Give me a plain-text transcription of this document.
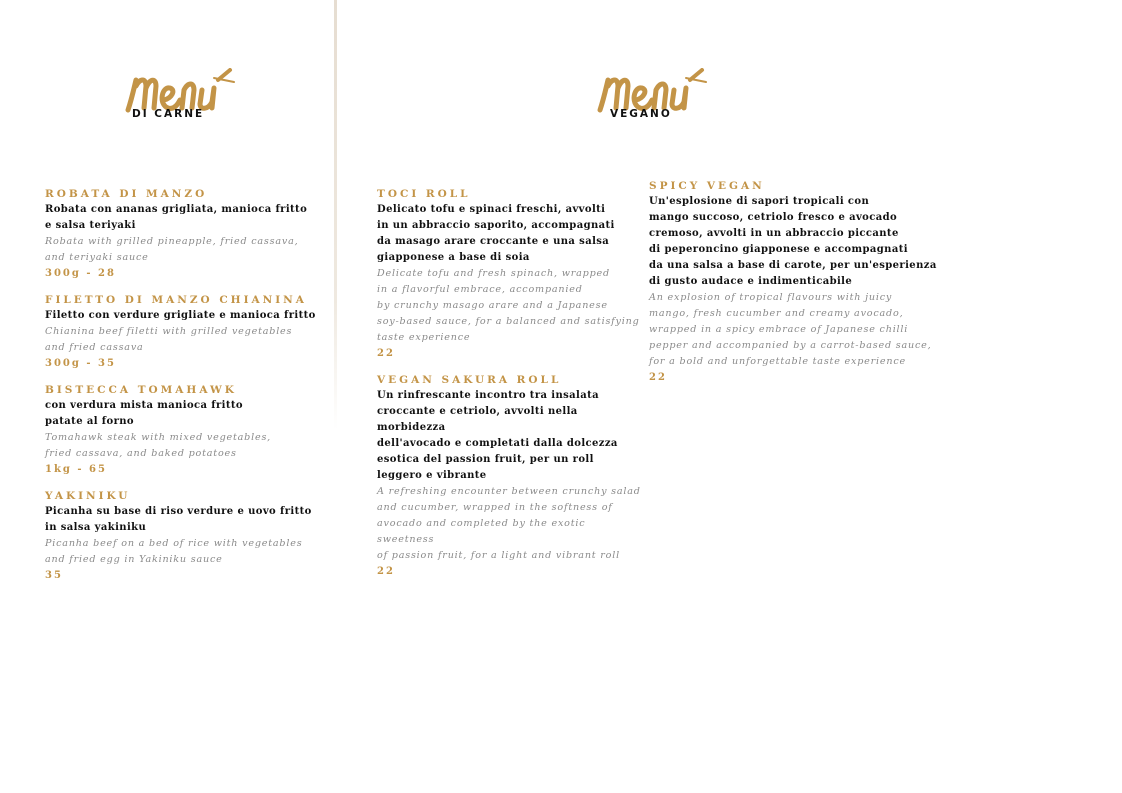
DI CARNE	VEGANO
ROBATA DI MANZO
Robata con ananas grigliata, manioca fritto
e salsa teriyaki
Robata with grilled pineapple, fried cassava,
and teriyaki sauce
300g - 28
FILETTO DI MANZO CHIANINA
Filetto con verdure grigliate e manioca fritto
Chianina beef filetti with grilled vegetables
and fried cassava
300g - 35
BISTECCA TOMAHAWK
con verdura mista manioca fritto
patate al forno
Tomahawk steak with mixed vegetables,
fried cassava, and baked potatoes
1kg - 65
YAKINIKU
Picanha su base di riso verdure e uovo fritto
in salsa yakiniku
Picanha beef on a bed of rice with vegetables
and fried egg in Yakiniku sauce
35
TOCI ROLL
Delicato tofu e spinaci freschi, avvolti
in un abbraccio saporito, accompagnati
da masago arare croccante e una salsa
giapponese a base di soia
Delicate tofu and fresh spinach, wrapped
in a flavorful embrace, accompanied
by crunchy masago arare and a Japanese
soy-based sauce, for a balanced and satisfying
taste experience
22
VEGAN SAKURA ROLL
Un rinfrescante incontro tra insalata
croccante e cetriolo, avvolti nella morbidezza
dell'avocado e completati dalla dolcezza
esotica del passion fruit, per un roll
leggero e vibrante
A refreshing encounter between crunchy salad
and cucumber, wrapped in the softness of
avocado and completed by the exotic sweetness
of passion fruit, for a light and vibrant roll
22
SPICY VEGAN
Un'esplosione di sapori tropicali con
mango succoso, cetriolo fresco e avocado
cremoso, avvolti in un abbraccio piccante
di peperoncino giapponese e accompagnati
da una salsa a base di carote, per un'esperienza
di gusto audace e indimenticabile
An explosion of tropical flavours with juicy
mango, fresh cucumber and creamy avocado,
wrapped in a spicy embrace of Japanese chilli
pepper and accompanied by a carrot-based sauce,
for a bold and unforgettable taste experience
22
